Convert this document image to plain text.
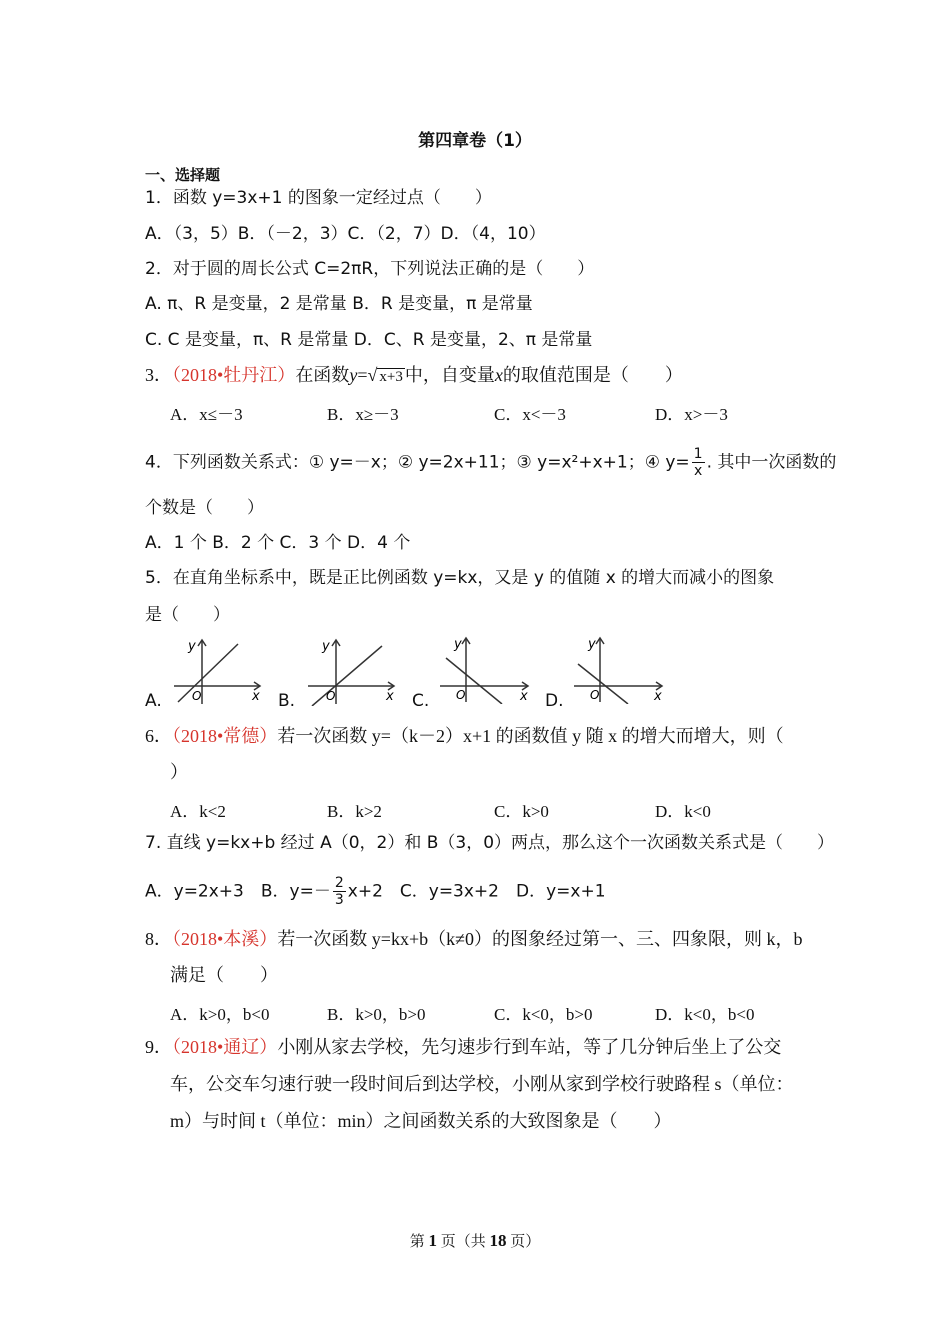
第四章卷（1）
一、选择题
1．函数 y=3x+1 的图象一定经过点（　　）
A．（3，5）B．（－2，3）C．（2，7）D．（4，10）
2．对于圆的周长公式 C=2πR，下列说法正确的是（　　）
A. π、R 是变量，2 是常量 B．R 是变量，π 是常量
C. C 是变量，π、R 是常量 D．C、R 是变量，2、π 是常量
3．（2018•牡丹江）在函数y=√ x+3 中，自变量x的取值范围是（　　）
A．x≤－3	B．x≥－3	C．x<－3	D．x>－3
4．下列函数关系式：① y=－x；② y=2x+11；③ y=x²+x+1；④ $y= \frac{1}{x}$ . 其中一次函数的
个数是（　　）
A．1 个 B．2 个 C．3 个 D．4 个
5．在直角坐标系中，既是正比例函数 y=kx，又是 y 的值随 x 的增大而减小的图象
是（　　）
A.
y
x
O	B.
y
x
O	C.
y
x
O	D.
y
x
O
6．（2018•常德）若一次函数 y=（k－2）x+1 的函数值 y 随 x 的增大而增大，则（
）
A．k<2	B．k>2	C．k>0	D．k<0
7. 直线 y=kx+b 经过 A（0，2）和 B（3，0）两点，那么这个一次函数关系式是（　　）
A．y=2x+3　B．$y=- \frac{2}{3} x+2$　C．y=3x+2　D．y=x+1
8．（2018•本溪）若一次函数 y=kx+b（k≠0）的图象经过第一、三、四象限，则 k，b
满足（　　）
A．k>0，b<0	B．k>0，b>0	C．k<0，b>0	D．k<0，b<0
9．（2018•通辽）小刚从家去学校，先匀速步行到车站，等了几分钟后坐上了公交
车，公交车匀速行驶一段时间后到达学校，小刚从家到学校行驶路程 s（单位：
m）与时间 t（单位：min）之间函数关系的大致图象是（　　）
第 1 页（共 18 页）
